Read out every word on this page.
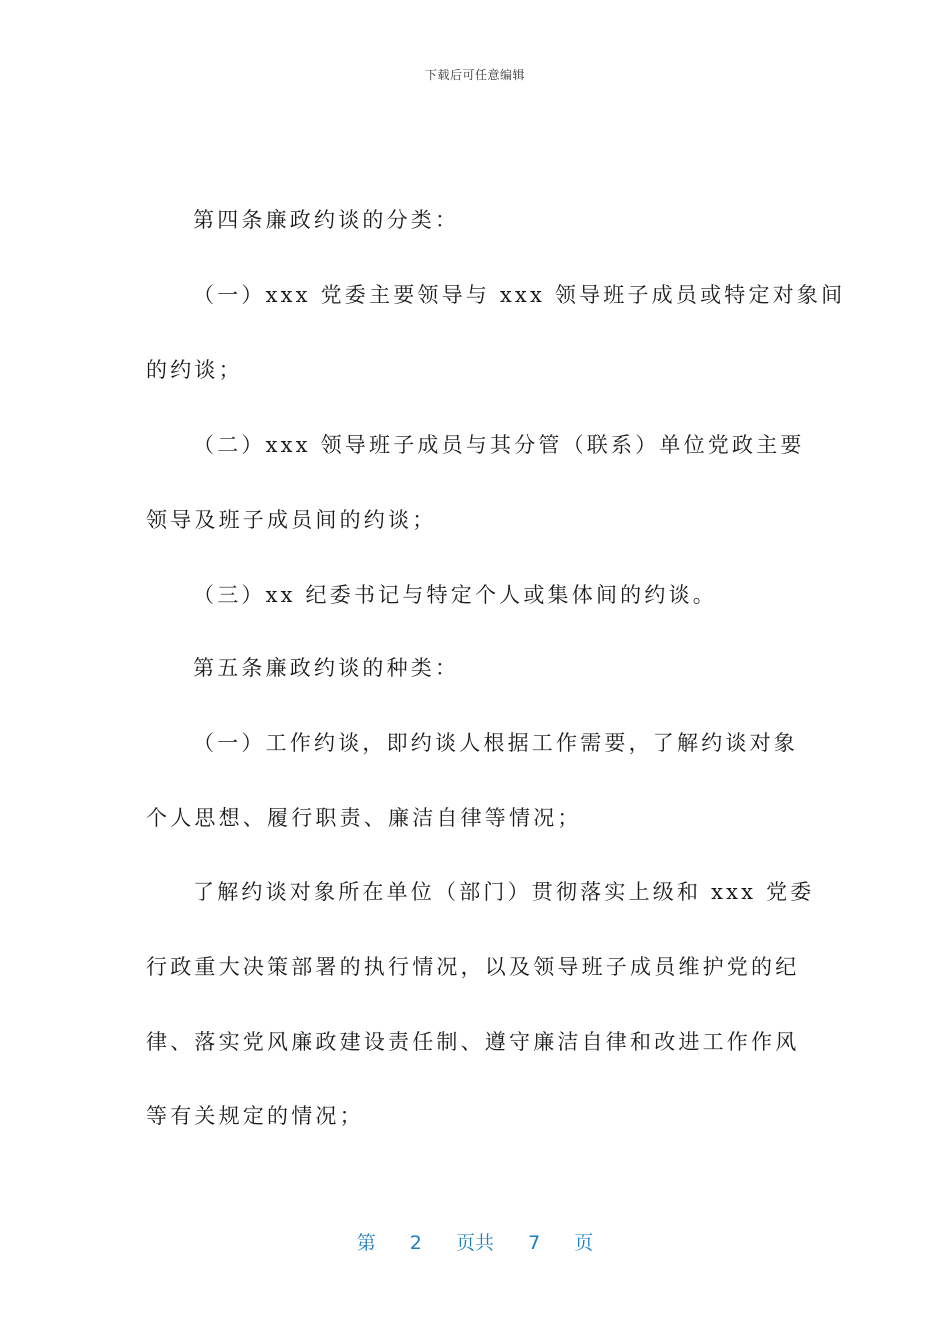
下载后可任意编辑
第四条廉政约谈的分类：
（一）xxx 党委主要领导与 xxx 领导班子成员或特定对象间
的约谈；
（二）xxx 领导班子成员与其分管（联系）单位党政主要
领导及班子成员间的约谈；
（三）xx 纪委书记与特定个人或集体间的约谈。
第五条廉政约谈的种类：
（一）工作约谈，即约谈人根据工作需要，了解约谈对象
个人思想、履行职责、廉洁自律等情况；
了解约谈对象所在单位（部门）贯彻落实上级和 xxx 党委
行政重大决策部署的执行情况，以及领导班子成员维护党的纪
律、落实党风廉政建设责任制、遵守廉洁自律和改进工作作风
等有关规定的情况；
第 2 页共 7 页
